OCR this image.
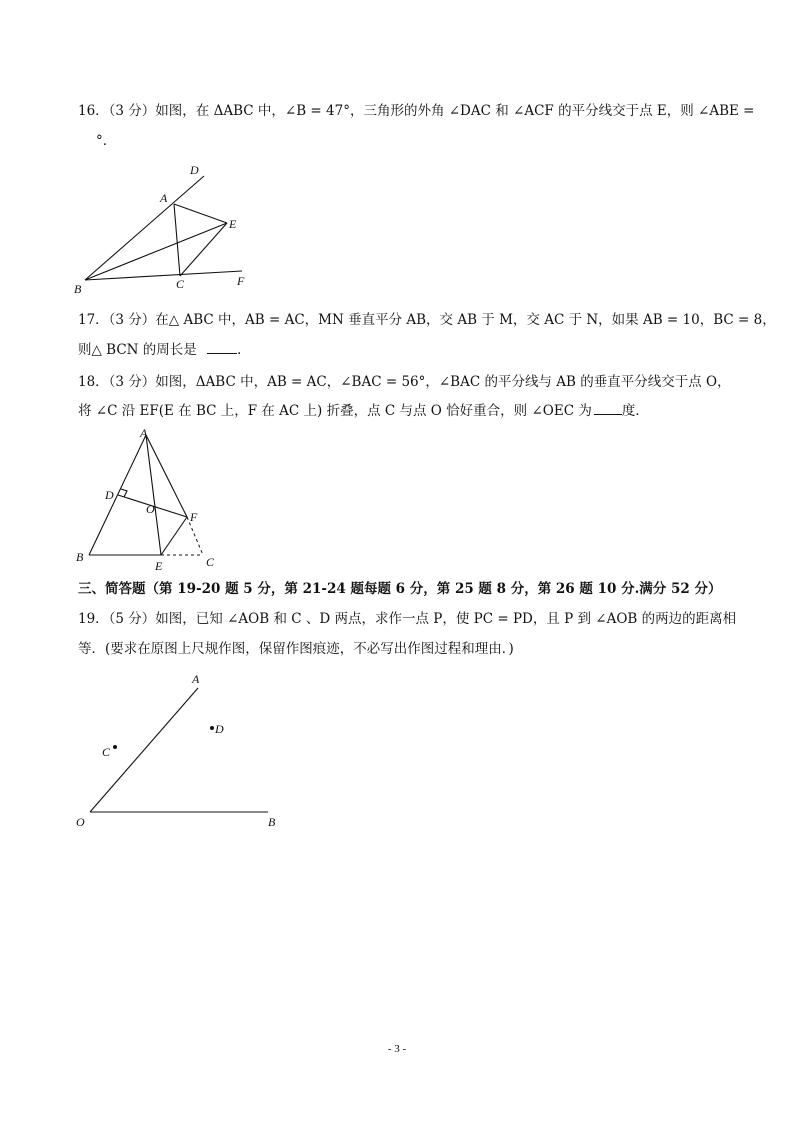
16．（3 分）如图，在 ΔABC 中，∠B = 47°，三角形的外角 ∠DAC 和 ∠ACF 的平分线交于点 E，则 ∠ABE =
°．
D
A
E
B	C	F
17．（3 分）在△ ABC 中，AB = AC，MN 垂直平分 AB，交 AB 于 M，交 AC 于 N，如果 AB = 10，BC = 8，
则△ BCN 的周长是	．
18．（3 分）如图，ΔABC 中，AB = AC，∠BAC = 56°，∠BAC 的平分线与 AB 的垂直平分线交于点 O，
将 ∠C 沿 EF(E 在 BC 上，F 在 AC 上) 折叠，点 C 与点 O 恰好重合，则 ∠OEC 为 度．
A
D
O
F
B
E	C
三、简答题（第 19-20 题 5 分，第 21-24 题每题 6 分，第 25 题 8 分，第 26 题 10 分.满分 52 分）
19．（5 分）如图，已知 ∠AOB 和 C 、D 两点，求作一点 P，使 PC = PD，且 P 到 ∠AOB 的两边的距离相
等．(要求在原图上尺规作图，保留作图痕迹，不必写出作图过程和理由．)
A
D
C
O	B
- 3 -
